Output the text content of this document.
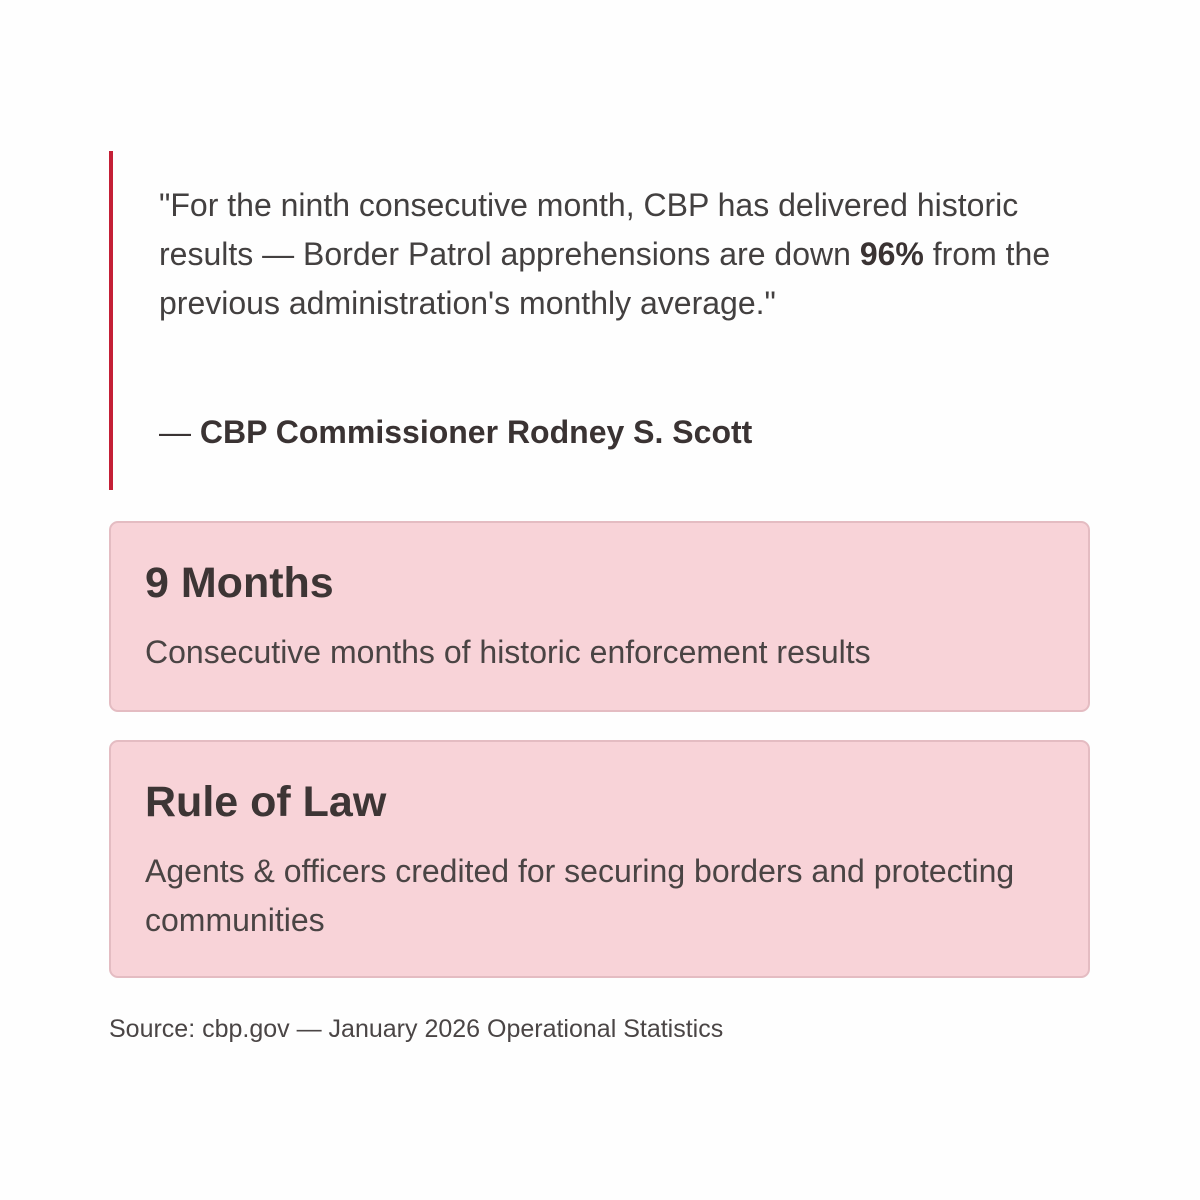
"For the ninth consecutive month, CBP has delivered historic results — Border Patrol apprehensions are down 96% from the previous administration's monthly average."

— CBP Commissioner Rodney S. Scott

9 Months

Consecutive months of historic enforcement results

Rule of Law

Agents & officers credited for securing borders and protecting communities

Source: cbp.gov — January 2026 Operational Statistics
